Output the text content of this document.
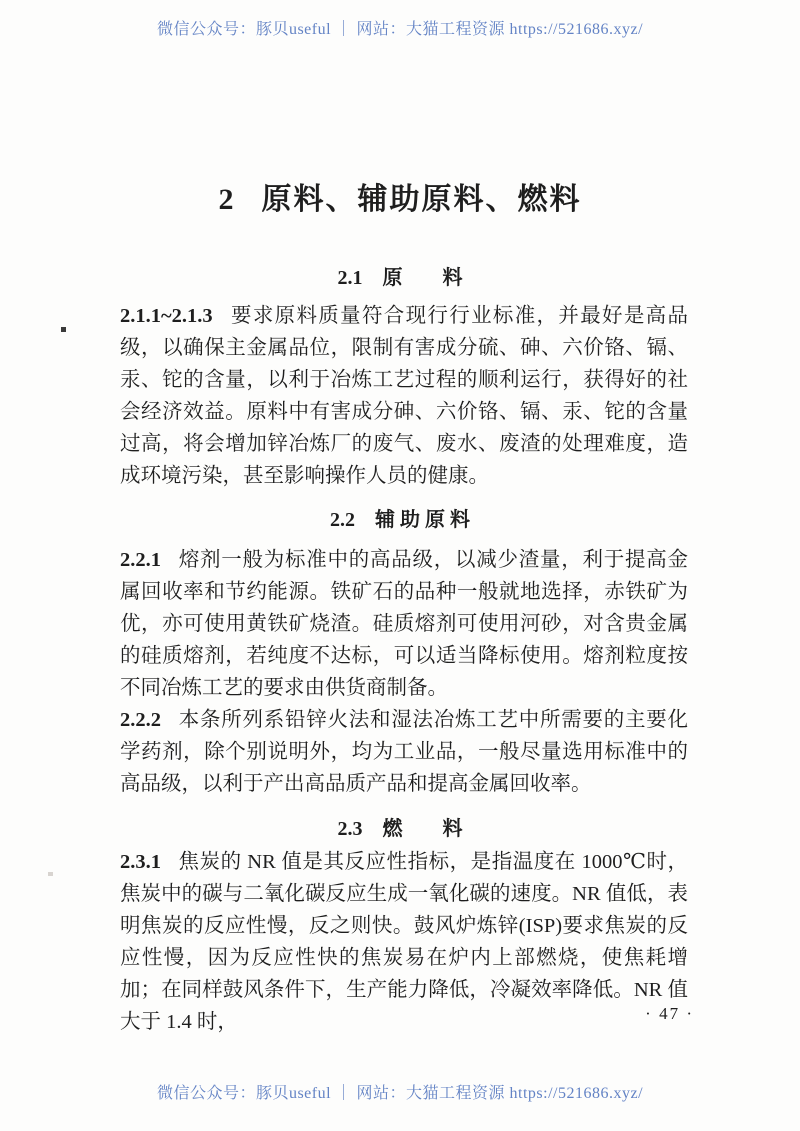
微信公众号：豚贝useful ｜ 网站：大猫工程资源 https://521686.xyz/
2 原料、辅助原料、燃料
2.1 原　　料

2.1.1~2.1.3 要求原料质量符合现行行业标准，并最好是高品级，以确保主金属品位，限制有害成分硫、砷、六价铬、镉、汞、铊的含量，以利于冶炼工艺过程的顺利运行，获得好的社会经济效益。原料中有害成分砷、六价铬、镉、汞、铊的含量过高，将会增加锌冶炼厂的废气、废水、废渣的处理难度，造成环境污染，甚至影响操作人员的健康。

2.2 辅 助 原 料

2.2.1 熔剂一般为标准中的高品级，以减少渣量，利于提高金属回收率和节约能源。铁矿石的品种一般就地选择，赤铁矿为优，亦可使用黄铁矿烧渣。硅质熔剂可使用河砂，对含贵金属的硅质熔剂，若纯度不达标，可以适当降标使用。熔剂粒度按不同冶炼工艺的要求由供货商制备。

2.2.2 本条所列系铅锌火法和湿法冶炼工艺中所需要的主要化学药剂，除个别说明外，均为工业品，一般尽量选用标准中的高品级，以利于产出高品质产品和提高金属回收率。

2.3 燃　　料

2.3.1 焦炭的 NR 值是其反应性指标，是指温度在 1000℃时，焦炭中的碳与二氧化碳反应生成一氧化碳的速度。NR 值低，表明焦炭的反应性慢，反之则快。鼓风炉炼锌(ISP)要求焦炭的反应性慢，因为反应性快的焦炭易在炉内上部燃烧，使焦耗增加；在同样鼓风条件下，生产能力降低，冷凝效率降低。NR 值大于 1.4 时，	· 47 ·
微信公众号：豚贝useful ｜ 网站：大猫工程资源 https://521686.xyz/
